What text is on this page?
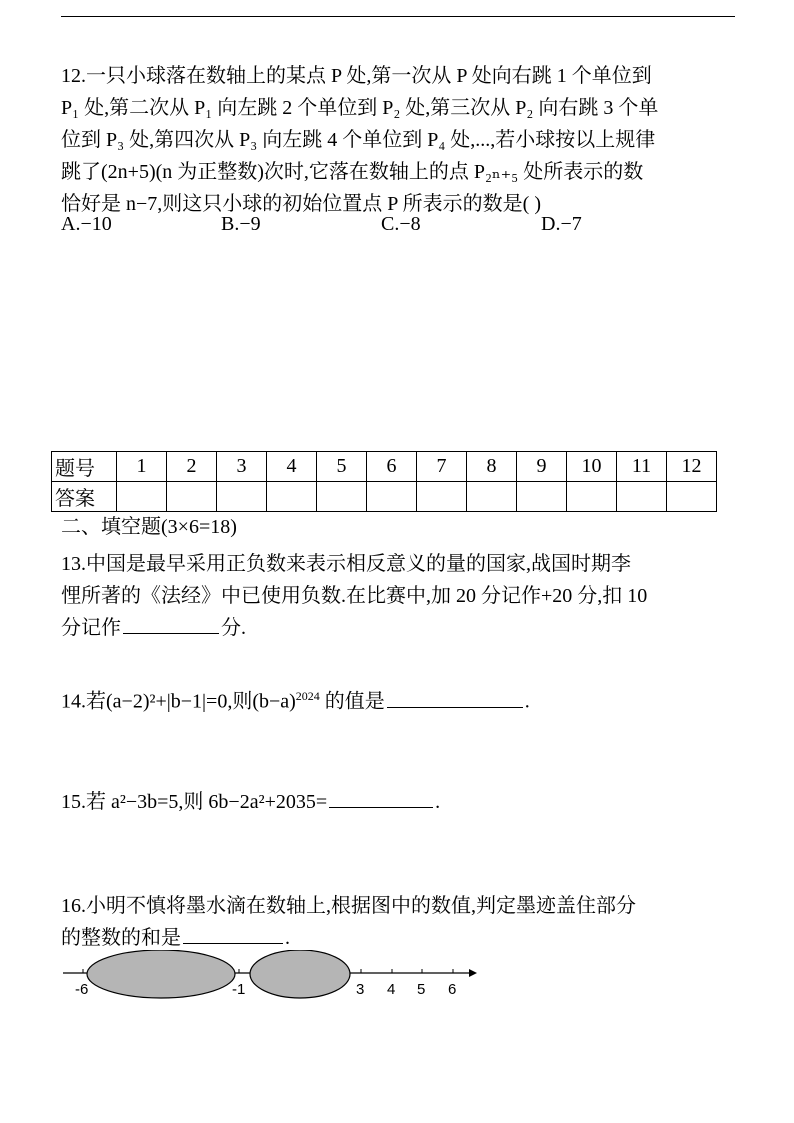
12.一只小球落在数轴上的某点 P 处,第一次从 P 处向右跳 1 个单位到
P₁ 处,第二次从 P₁ 向左跳 2 个单位到 P₂ 处,第三次从 P₂ 向右跳 3 个单
位到 P₃ 处,第四次从 P₃ 向左跳 4 个单位到 P₄ 处,...,若小球按以上规律
跳了(2n+5)(n 为正整数)次时,它落在数轴上的点 P₂ₙ₊₅ 处所表示的数
恰好是 n−7,则这只小球的初始位置点 P 所表示的数是( )
A.−10	B.−9	C.−8	D.−7
题号	1	2	3	4	5	6	7	8	9	10	11	12
答案												
二、填空题(3×6=18)
13.中国是最早采用正负数来表示相反意义的量的国家,战国时期李
悝所著的《法经》中已使用负数.在比赛中,加 20 分记作+20 分,扣 10
分记作	分.
14.若(a−2)²+|b−1|=0,则$(b-a)^{2024}$ 的值是	.
15.若 a²−3b=5,则 6b−2a²+2035=	.
16.小明不慎将墨水滴在数轴上,根据图中的数值,判定墨迹盖住部分
的整数的和是	.
-6	-1	3 4 5 6
